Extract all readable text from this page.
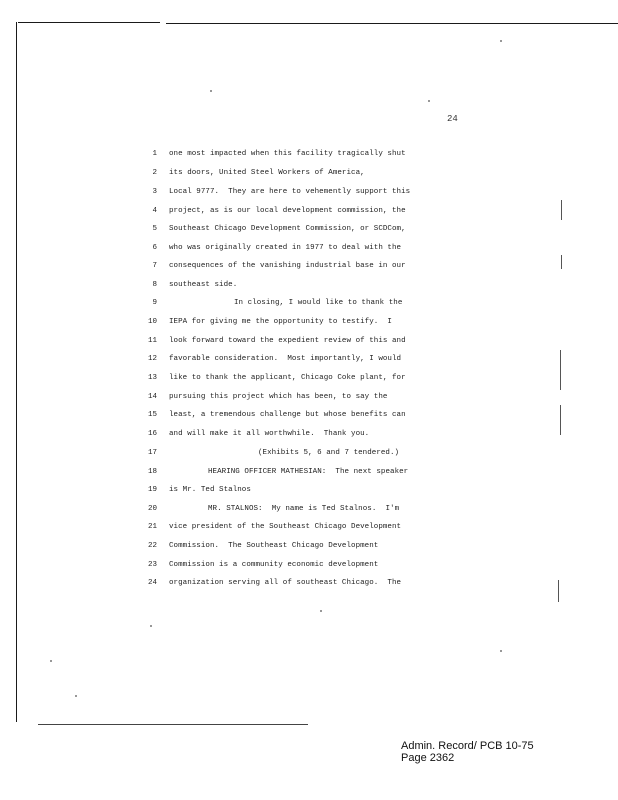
24
1 one most impacted when this facility tragically shut
2 its doors, United Steel Workers of America,
3 Local 9777.  They are here to vehemently support this
4 project, as is our local development commission, the
5 Southeast Chicago Development Commission, or SCDCom,
6 who was originally created in 1977 to deal with the
7 consequences of the vanishing industrial base in our
8 southeast side.
9	In closing, I would like to thank the
10 IEPA for giving me the opportunity to testify.  I
11 look forward toward the expedient review of this and
12 favorable consideration.  Most importantly, I would
13 like to thank the applicant, Chicago Coke plant, for
14 pursuing this project which has been, to say the
15 least, a tremendous challenge but whose benefits can
16 and will make it all worthwhile.  Thank you.
17	(Exhibits 5, 6 and 7 tendered.)
18	HEARING OFFICER MATHESIAN:  The next speaker
19 is Mr. Ted Stalnos
20	MR. STALNOS:  My name is Ted Stalnos.  I'm
21 vice president of the Southeast Chicago Development
22 Commission.  The Southeast Chicago Development
23 Commission is a community economic development
24 organization serving all of southeast Chicago.  The
Admin. Record/ PCB 10-75
Page 2362
